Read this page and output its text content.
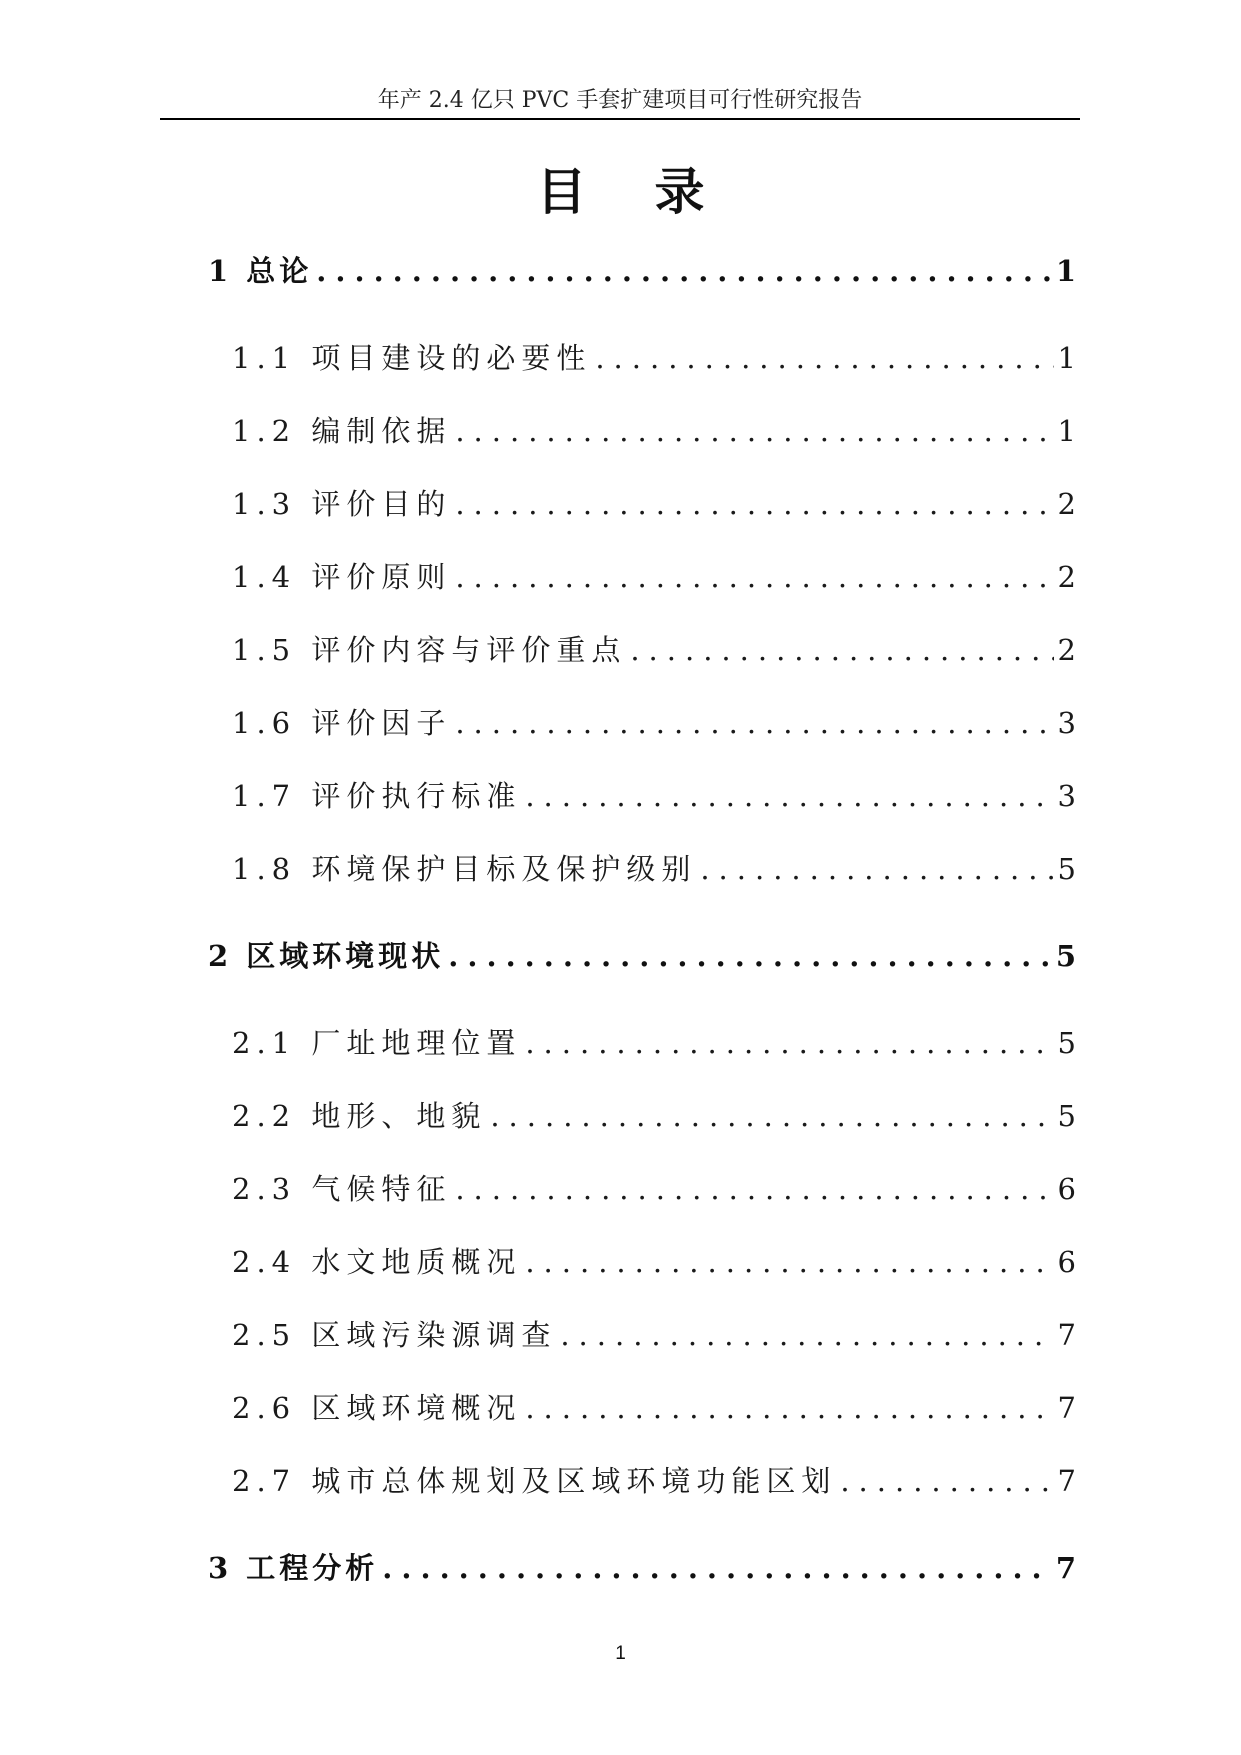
年产 2.4 亿只 PVC 手套扩建项目可行性研究报告
目录
1 总论 .....	1
1.1 项目建设的必要性 .....	1
1.2 编制依据 .....	1
1.3 评价目的 .....	2
1.4 评价原则 .....	2
1.5 评价内容与评价重点 .....	2
1.6 评价因子 .....	3
1.7 评价执行标准 .....	3
1.8 环境保护目标及保护级别 .....	5
2 区域环境现状 .....	5
2.1 厂址地理位置 .....	5
2.2 地形、地貌 .....	5
2.3 气候特征 .....	6
2.4 水文地质概况 .....	6
2.5 区域污染源调查 .....	7
2.6 区域环境概况 .....	7
2.7 城市总体规划及区域环境功能区划 .....	7
3 工程分析 .....	7
1
